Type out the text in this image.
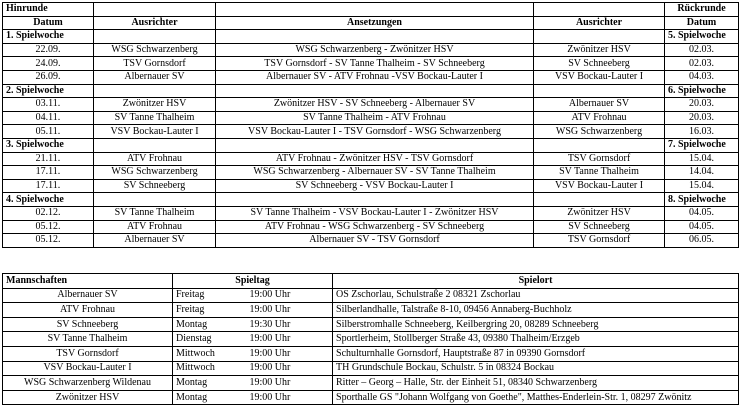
Hinrunde				Rückrunde
Datum	Ausrichter	Ansetzungen	Ausrichter	Datum
1. Spielwoche				5. Spielwoche
22.09.	WSG Schwarzenberg	WSG Schwarzenberg - Zwönitzer HSV	Zwönitzer HSV	02.03.
24.09.	TSV Gornsdorf	TSV Gornsdorf - SV Tanne Thalheim - SV Schneeberg	SV Schneeberg	02.03.
26.09.	Albernauer SV	Albernauer SV - ATV Frohnau -VSV Bockau-Lauter I	VSV Bockau-Lauter I	04.03.
2. Spielwoche				6. Spielwoche
03.11.	Zwönitzer HSV	Zwönitzer HSV - SV Schneeberg - Albernauer SV	Albernauer SV	20.03.
04.11.	SV Tanne Thalheim	SV Tanne Thalheim - ATV Frohnau	ATV Frohnau	20.03.
05.11.	VSV Bockau-Lauter I	VSV Bockau-Lauter I - TSV Gornsdorf - WSG Schwarzenberg	WSG Schwarzenberg	16.03.
3. Spielwoche				7. Spielwoche
21.11.	ATV Frohnau	ATV Frohnau - Zwönitzer HSV - TSV Gornsdorf	TSV Gornsdorf	15.04.
17.11.	WSG Schwarzenberg	WSG Schwarzenberg - Albernauer SV - SV Tanne Thalheim	SV Tanne Thalheim	14.04.
17.11.	SV Schneeberg	SV Schneeberg - VSV Bockau-Lauter I	VSV Bockau-Lauter I	15.04.
4. Spielwoche				8. Spielwoche
02.12.	SV Tanne Thalheim	SV Tanne Thalheim - VSV Bockau-Lauter I - Zwönitzer HSV	Zwönitzer HSV	04.05.
05.12.	ATV Frohnau	ATV Frohnau - WSG Schwarzenberg - SV Schneeberg	SV Schneeberg	04.05.
05.12.	Albernauer SV	Albernauer SV - TSV Gornsdorf	TSV Gornsdorf	06.05.
Mannschaften	Spieltag		Spielort
Albernauer SV	Freitag	19:00 Uhr	OS Zschorlau, Schulstraße 2 08321 Zschorlau
ATV Frohnau	Freitag	19:00 Uhr	Silberlandhalle, Talstraße 8-10, 09456 Annaberg-Buchholz
SV Schneeberg	Montag	19:30 Uhr	Silberstromhalle Schneeberg, Keilbergring 20, 08289 Schneeberg
SV Tanne Thalheim	Dienstag	19:00 Uhr	Sportlerheim, Stollberger Straße 43, 09380 Thalheim/Erzgeb
TSV Gornsdorf	Mittwoch	19:00 Uhr	Schulturnhalle Gornsdorf, Hauptstraße 87 in 09390 Gornsdorf
VSV Bockau-Lauter I	Mittwoch	19:00 Uhr	TH Grundschule Bockau, Schulstr. 5 in 08324 Bockau
WSG Schwarzenberg Wildenau	Montag	19:00 Uhr	Ritter – Georg – Halle, Str. der Einheit 51, 08340 Schwarzenberg
Zwönitzer HSV	Montag	19:00 Uhr	Sporthalle GS "Johann Wolfgang von Goethe", Matthes-Enderlein-Str. 1, 08297 Zwönitz
